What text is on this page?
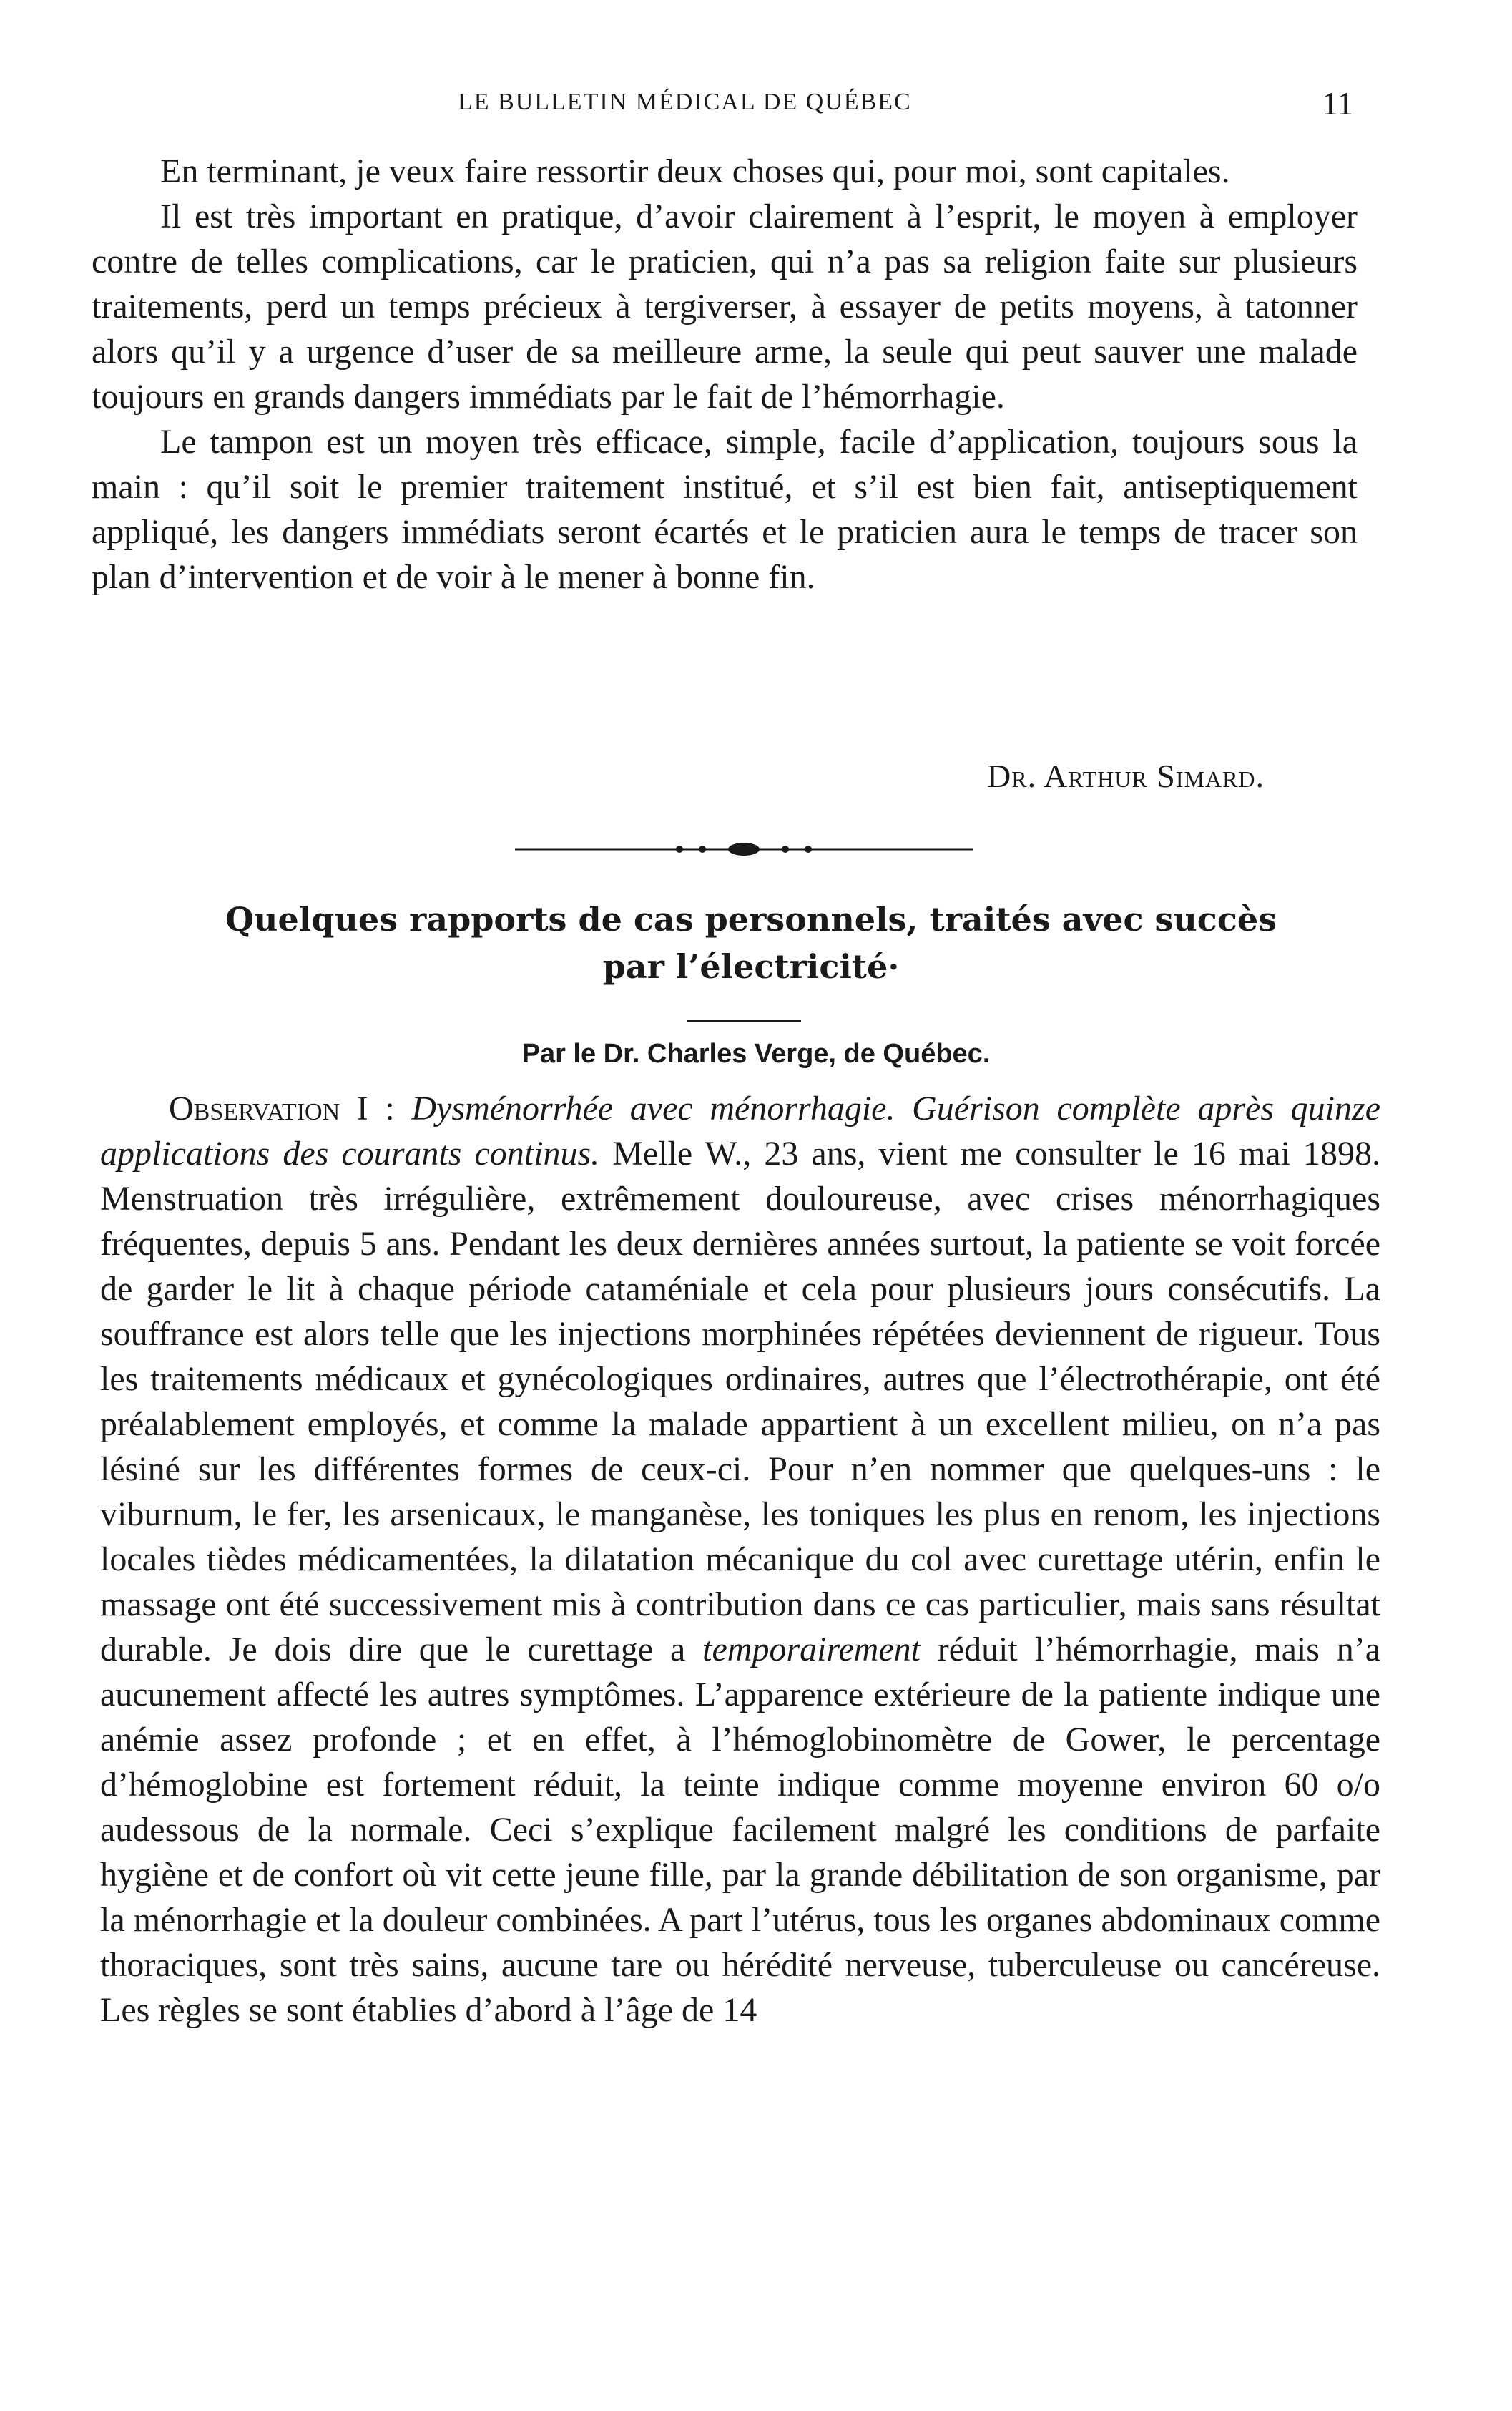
LE BULLETIN MÉDICAL DE QUÉBEC	11

En terminant, je veux faire ressortir deux choses qui, pour moi, sont capitales.

Il est très important en pratique, d’avoir clairement à l’esprit, le moyen à employer contre de telles complications, car le praticien, qui n’a pas sa religion faite sur plusieurs traitements, perd un temps précieux à tergiverser, à essayer de petits moyens, à tatonner alors qu’il y a urgence d’user de sa meilleure arme, la seule qui peut sauver une malade toujours en grands dangers immédiats par le fait de l’hémorrhagie.

Le tampon est un moyen très efficace, simple, facile d’application, toujours sous la main : qu’il soit le premier traitement institué, et s’il est bien fait, antiseptiquement appliqué, les dangers immédiats seront écartés et le praticien aura le temps de tracer son plan d’intervention et de voir à le mener à bonne fin.

Dr. Arthur Simard.
Quelques rapports de cas personnels, traités avec succès
par l’électricité·
Par le Dr. Charles Verge, de Québec.

Observation I : Dysménorrhée avec ménorrhagie. Guérison complète après quinze applications des courants continus. Melle W., 23 ans, vient me consulter le 16 mai 1898. Menstruation très irrégulière, extrêmement douloureuse, avec crises ménorrhagiques fréquentes, depuis 5 ans. Pendant les deux dernières années surtout, la patiente se voit forcée de garder le lit à chaque période cataméniale et cela pour plusieurs jours consécutifs. La souffrance est alors telle que les injections morphinées répétées deviennent de rigueur. Tous les traitements médicaux et gynécologiques ordinaires, autres que l’électrothérapie, ont été préalablement employés, et comme la malade appartient à un excellent milieu, on n’a pas lésiné sur les différentes formes de ceux-ci. Pour n’en nommer que quelques-uns : le viburnum, le fer, les arsenicaux, le manganèse, les toniques les plus en renom, les injections locales tièdes médicamentées, la dilatation mécanique du col avec curettage utérin, enfin le massage ont été successivement mis à contribution dans ce cas particulier, mais sans résultat durable. Je dois dire que le curettage a temporairement réduit l’hémorrhagie, mais n’a aucunement affecté les autres symptômes. L’apparence extérieure de la patiente indique une anémie assez profonde ; et en effet, à l’hémoglobinomètre de Gower, le percentage d’hémoglobine est fortement réduit, la teinte indique comme moyenne environ 60 o/o audessous de la normale. Ceci s’explique facilement malgré les conditions de parfaite hygiène et de confort où vit cette jeune fille, par la grande débilitation de son organisme, par la ménorrhagie et la douleur combinées. A part l’utérus, tous les organes abdominaux comme thoraciques, sont très sains, aucune tare ou hérédité nerveuse, tuberculeuse ou cancéreuse. Les règles se sont établies d’abord à l’âge de 14
